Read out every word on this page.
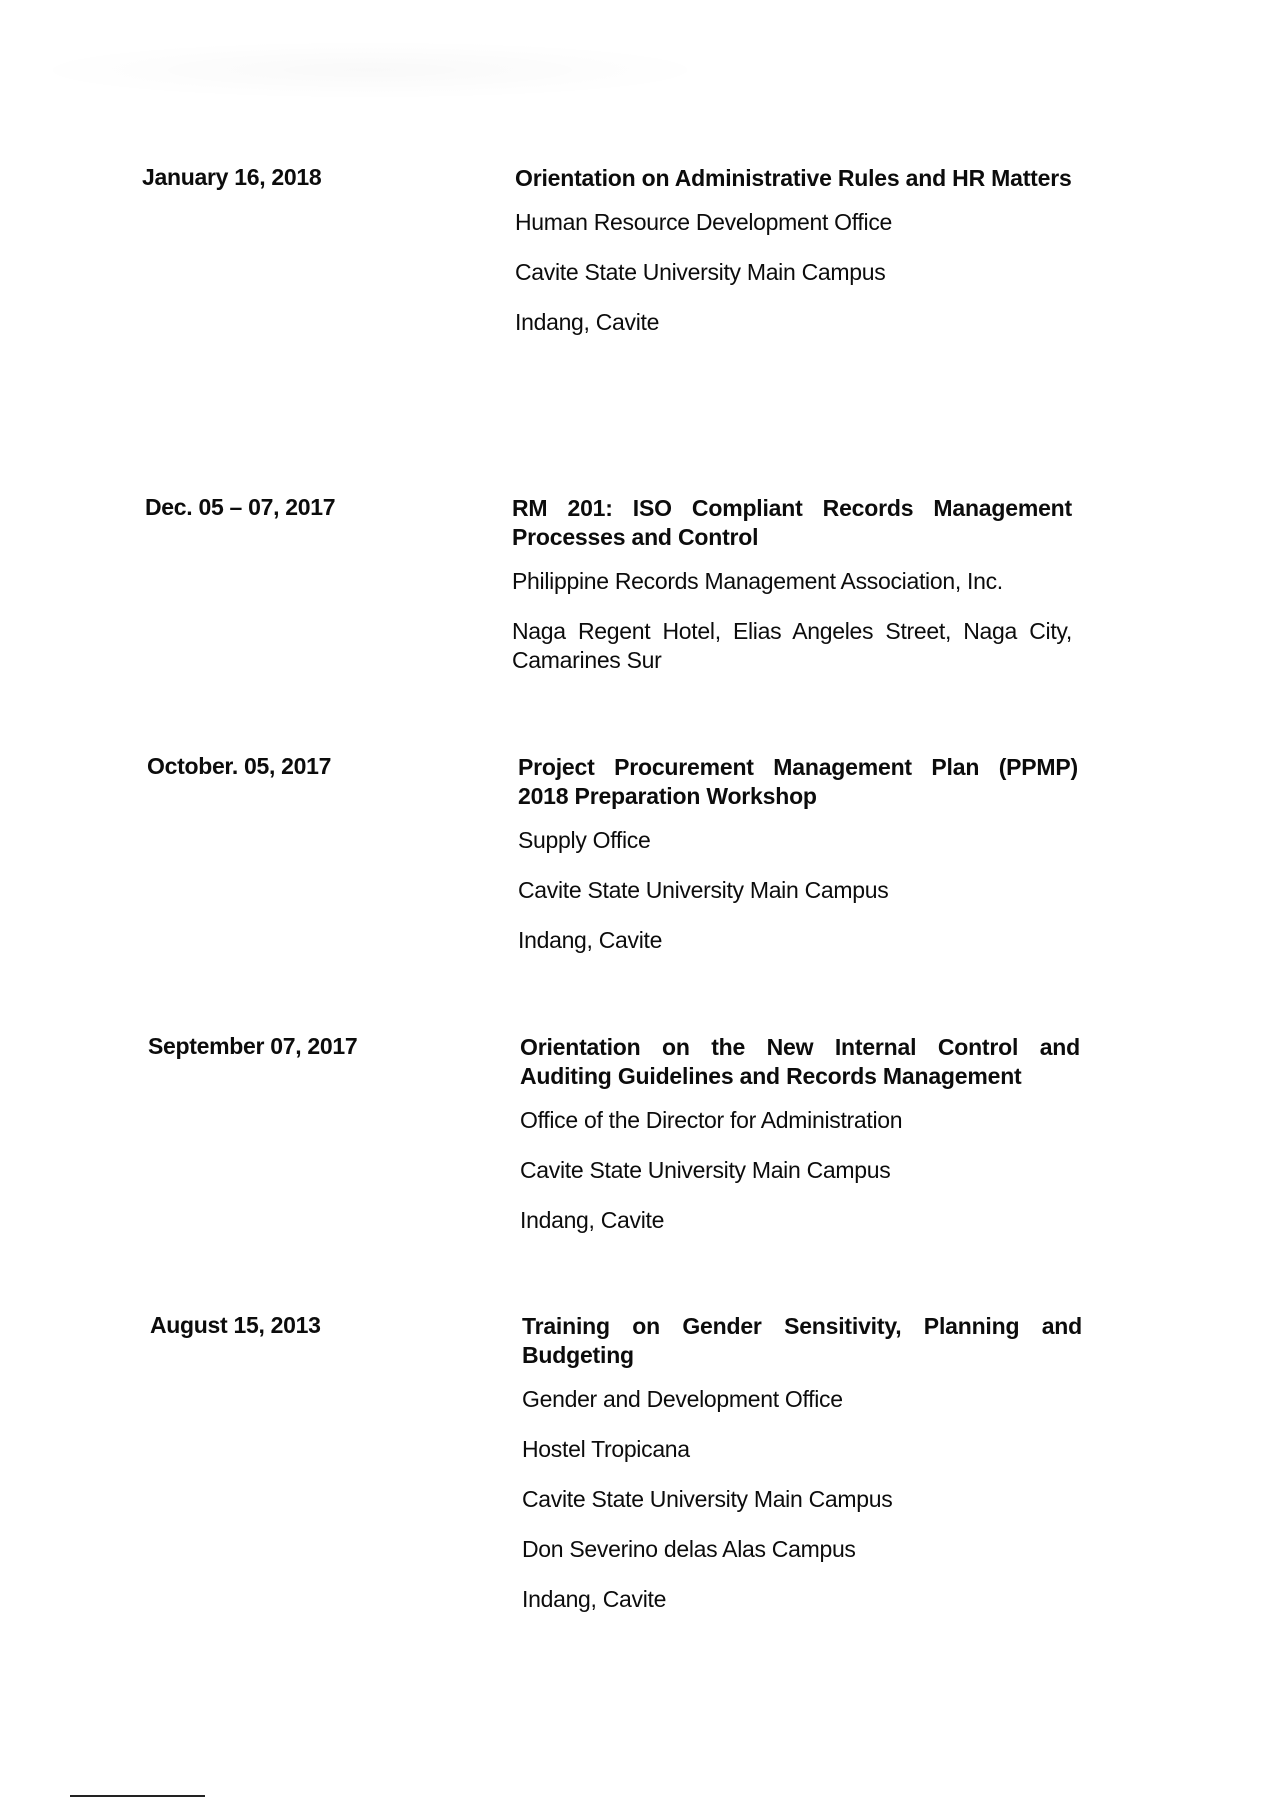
January 16, 2018	Orientation on Administrative Rules and HR Matters
Human Resource Development Office
Cavite State University Main Campus
Indang, Cavite
Dec. 05 – 07, 2017	RM 201: ISO Compliant Records Management Processes and Control
Philippine Records Management Association, Inc.
Naga Regent Hotel, Elias Angeles Street, Naga City, Camarines Sur
October. 05, 2017	Project Procurement Management Plan (PPMP) 2018 Preparation Workshop
Supply Office
Cavite State University Main Campus
Indang, Cavite
September 07, 2017	Orientation on the New Internal Control and Auditing Guidelines and Records Management
Office of the Director for Administration
Cavite State University Main Campus
Indang, Cavite
August 15, 2013	Training on Gender Sensitivity, Planning and Budgeting
Gender and Development Office
Hostel Tropicana
Cavite State University Main Campus
Don Severino delas Alas Campus
Indang, Cavite
